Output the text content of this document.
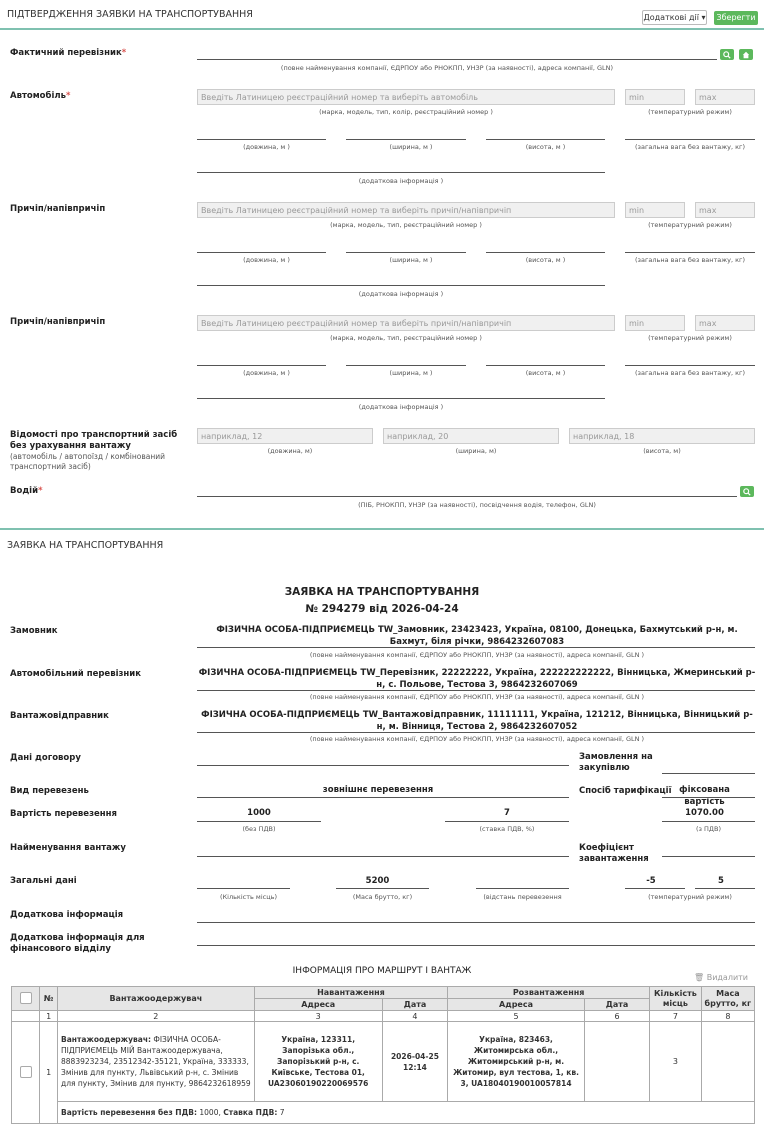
ПІДТВЕРДЖЕННЯ ЗАЯВКИ НА ТРАНСПОРТУВАННЯ	Додаткові дії ▾	Зберегти
Фактичний перевізник*
(повне найменування компанії, ЄДРПОУ або РНОКПП, УНЗР (за наявності), адреса компанії, GLN)
Автомобіль*	Введіть Латиницею реєстраційний номер та виберіть автомобіль	min	max
(марка, модель, тип, колір, реєстраційний номер )	(температурний режим)
(довжина, м )	(ширина, м )	(висота, м )	(загальна вага без вантажу, кг)
(додаткова інформація )
Причіп/напівпричіп	Введіть Латиницею реєстраційний номер та виберіть причіп/напівпричіп	min	max
(марка, модель, тип, реєстраційний номер )	(температурний режим)
(довжина, м )	(ширина, м )	(висота, м )	(загальна вага без вантажу, кг)
(додаткова інформація )
Причіп/напівпричіп	Введіть Латиницею реєстраційний номер та виберіть причіп/напівпричіп	min	max
(марка, модель, тип, реєстраційний номер )	(температурний режим)
(довжина, м )	(ширина, м )	(висота, м )	(загальна вага без вантажу, кг)
(додаткова інформація )
Відомості про транспортний засіб без урахування вантажу
(автомобіль / автопоїзд / комбінований транспортний засіб)
наприклад, 12	наприклад, 20	наприклад, 18
(довжина, м)	(ширина, м)	(висота, м)
Водій*
(ПІБ, РНОКПП, УНЗР (за наявності), посвідчення водія, телефон, GLN)
ЗАЯВКА НА ТРАНСПОРТУВАННЯ
ЗАЯВКА НА ТРАНСПОРТУВАННЯ
№ 294279 від 2026-04-24
Замовник	ФІЗИЧНА ОСОБА-ПІДПРИЄМЕЦЬ TW_Замовник, 23423423, Україна, 08100, Донецька, Бахмутський р-н, м. Бахмут, біля річки, 9864232607083
(повне найменування компанії, ЄДРПОУ або РНОКПП, УНЗР (за наявності), адреса компанії, GLN )
Автомобільний перевізник	ФІЗИЧНА ОСОБА-ПІДПРИЄМЕЦЬ TW_Перевізник, 22222222, Україна, 222222222222, Вінницька, Жмеринський р-н, с. Польове, Тестова 3, 9864232607069
(повне найменування компанії, ЄДРПОУ або РНОКПП, УНЗР (за наявності), адреса компанії, GLN )
Вантажовідправник	ФІЗИЧНА ОСОБА-ПІДПРИЄМЕЦЬ TW_Вантажовідправник, 11111111, Україна, 121212, Вінницька, Вінницький р-н, м. Вінниця, Тестова 2, 9864232607052
(повне найменування компанії, ЄДРПОУ або РНОКПП, УНЗР (за наявності), адреса компанії, GLN )
Дані договору	Замовлення на закупівлю
Вид перевезень	зовнішнє перевезення	Спосіб тарифікації фіксована вартість
Вартість перевезення	1000
(без ПДВ)
7
(ставка ПДВ, %)
1070.00
(з ПДВ)
Найменування вантажу	Коефіцієнт завантаження
Загальні дані
(Кількість місць)
5200
(Маса брутто, кг)	(відстань перевезення
-5	5
(температурний режим)
Додаткова інформація
Додаткова інформація для фінансового відділу
ІНФОРМАЦІЯ ПРО МАРШРУТ І ВАНТАЖ
🗑 Видалити
	№	Вантажоодержувач	Навантаження		Розвантаження		Кількість місць	Маса брутто, кг
			Адреса	Дата	Адреса	Дата		
	1	2	3	4	5	6	7	8
	1	Вантажоодержувач: ФІЗИЧНА ОСОБА-ПІДПРИЄМЕЦЬ МІЙ Вантажоодержувача, 8883923234, 23512342-35121, Україна, 333333, Змінив для пункту, Львівський р-н, с. Змінив для пункту, Змінив для пункту, 9864232618959	Україна, 123311, Запорізька обл., Запорізький р-н, с. Київське, Тестова 01, UA23060190220069576	2026-04-25 12:14	Україна, 823463, Житомирська обл., Житомирський р-н, м. Житомир, вул тестова, 1, кв. 3, UA18040190010057814		3	
		Вартість перевезення без ПДВ: 1000, Ставка ПДВ: 7						
